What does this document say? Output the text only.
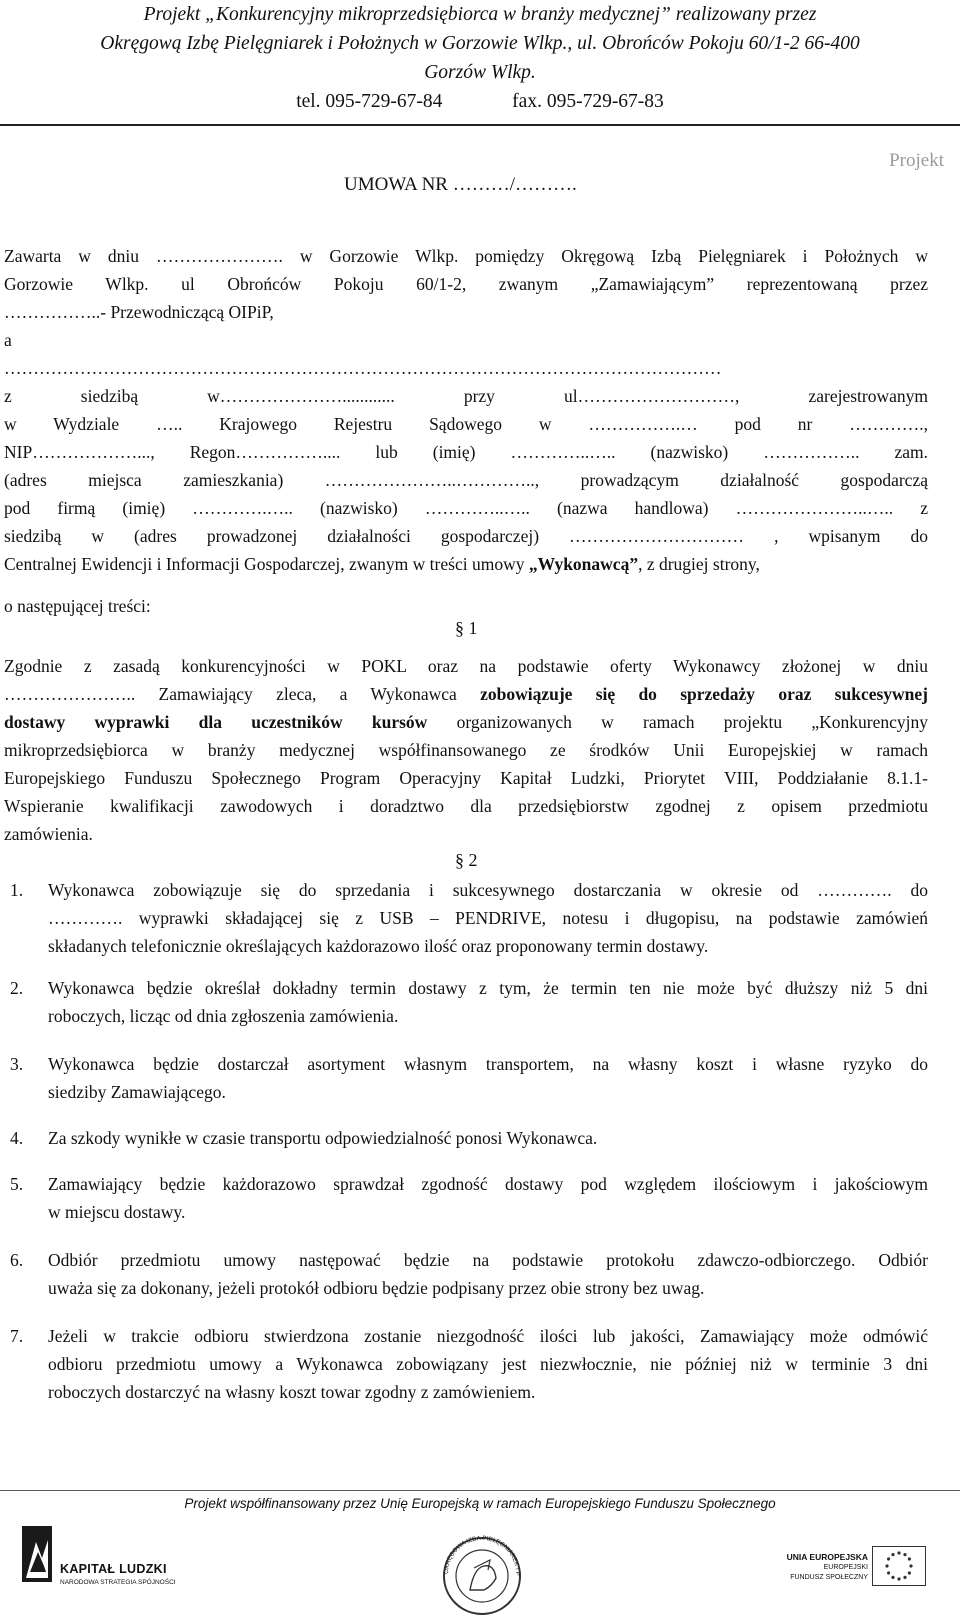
Projekt „Konkurencyjny mikroprzedsiębiorca w branży medycznej” realizowany przez
Okręgową Izbę Pielęgniarek i Położnych w Gorzowie Wlkp., ul. Obrońców Pokoju 60/1-2 66-400
Gorzów Wlkp.
tel. 095-729-67-84	fax. 095-729-67-83
Projekt
UMOWA NR ………/……….
Zawarta w dniu …………………. w Gorzowie Wlkp. pomiędzy Okręgową Izbą Pielęgniarek i Położnych w
Gorzowie Wlkp. ul Obrońców Pokoju 60/1-2, zwanym „Zamawiającym” reprezentowaną przez
……………..- Przewodniczącą OIPiP,
a
……………………………………………………………………………………………………………
z siedzibą w…………………............ przy ul………………………, zarejestrowanym
w Wydziale ….. Krajowego Rejestru Sądowego w …………….… pod nr ………….,
NIP………………..., Regon…………….... lub (imię) …………..….. (nazwisko) …………….. zam.
(adres miejsca zamieszkania) …………………..………….., prowadzącym działalność gospodarczą
pod firmą (imię) ………….….. (nazwisko) …………..….. (nazwa handlowa) …………………..….. z
siedzibą w (adres prowadzonej działalności gospodarczej) ………………………… , wpisanym do
Centralnej Ewidencji i Informacji Gospodarczej, zwanym w treści umowy „Wykonawcą”, z drugiej strony,
o następującej treści:
§ 1
Zgodnie z zasadą konkurencyjności w POKL oraz na podstawie oferty Wykonawcy złożonej w dniu
………………….. Zamawiający zleca, a Wykonawca zobowiązuje się do sprzedaży oraz sukcesywnej
dostawy wyprawki dla uczestników kursów organizowanych w ramach projektu „Konkurencyjny
mikroprzedsiębiorca w branży medycznej współfinansowanego ze środków Unii Europejskiej w ramach
Europejskiego Funduszu Społecznego Program Operacyjny Kapitał Ludzki, Priorytet VIII, Poddziałanie 8.1.1-
Wspieranie kwalifikacji zawodowych i doradztwo dla przedsiębiorstw zgodnej z opisem przedmiotu
zamówienia.
§ 2
1.	Wykonawca zobowiązuje się do sprzedania i sukcesywnego dostarczania w okresie od …………. do
…………. wyprawki składającej się z USB – PENDRIVE, notesu i długopisu, na podstawie zamówień
składanych telefonicznie określających każdorazowo ilość oraz proponowany termin dostawy.
2.	Wykonawca będzie określał dokładny termin dostawy z tym, że termin ten nie może być dłuższy niż 5 dni
roboczych, licząc od dnia zgłoszenia zamówienia.
3.	Wykonawca będzie dostarczał asortyment własnym transportem, na własny koszt i własne ryzyko do
siedziby Zamawiającego.
4.	Za szkody wynikłe w czasie transportu odpowiedzialność ponosi Wykonawca.
5.	Zamawiający będzie każdorazowo sprawdzał zgodność dostawy pod względem ilościowym i jakościowym
w miejscu dostawy.
6.	Odbiór przedmiotu umowy następować będzie na podstawie protokołu zdawczo-odbiorczego. Odbiór
uważa się za dokonany, jeżeli protokół odbioru będzie podpisany przez obie strony bez uwag.
7.	Jeżeli w trakcie odbioru stwierdzona zostanie niezgodność ilości lub jakości, Zamawiający może odmówić
odbioru przedmiotu umowy a Wykonawca zobowiązany jest niezwłocznie, nie później niż w terminie 3 dni
roboczych dostarczyć na własny koszt towar zgodny z zamówieniem.
Projekt współfinansowany przez Unię Europejską w ramach Europejskiego Funduszu Społecznego
KAPITAŁ LUDZKI
NARODOWA STRATEGIA SPÓJNOŚCI
OKRĘGOWA IZBA PIELĘGNIAREK I P
UNIA EUROPEJSKA
EUROPEJSKI
FUNDUSZ SPOŁECZNY
